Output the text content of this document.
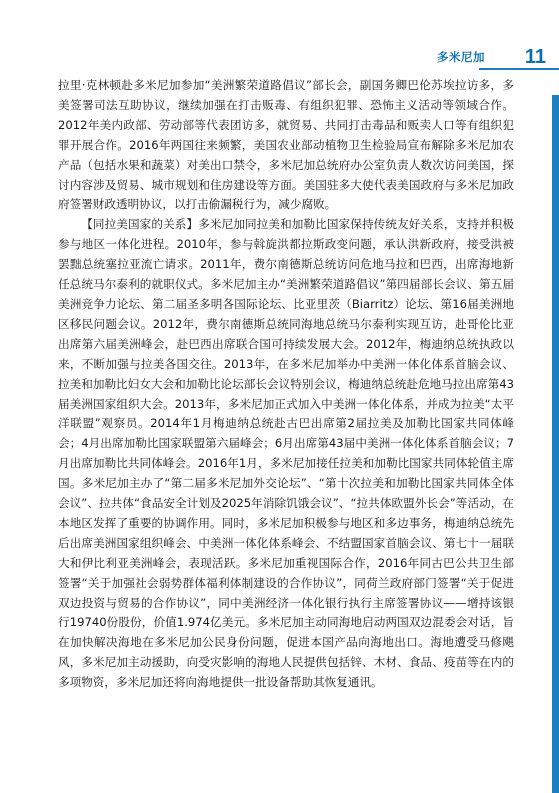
多米尼加 11

拉里·克林顿赴多米尼加参加“美洲繁荣道路倡议”部长会，副国务卿巴伦苏埃拉访多，多美签署司法互助协议，继续加强在打击贩毒、有组织犯罪、恐怖主义活动等领域合作。2012年美内政部、劳动部等代表团访多，就贸易、共同打击毒品和贩卖人口等有组织犯罪开展合作。2016年两国往来频繁，美国农业部动植物卫生检验局宣布解除多米尼加农产品（包括水果和蔬菜）对美出口禁令，多米尼加总统府办公室负责人数次访问美国，探讨内容涉及贸易、城市规划和住房建设等方面。美国驻多大使代表美国政府与多米尼加政府签署财政透明协议，以打击偷漏税行为，减少腐败。

【同拉美国家的关系】多米尼加同拉美和加勒比国家保持传统友好关系，支持并积极参与地区一体化进程。2010年，参与斡旋洪都拉斯政变问题，承认洪新政府，接受洪被罢黜总统塞拉亚流亡请求。2011年，费尔南德斯总统访问危地马拉和巴西，出席海地新任总统马尔泰利的就职仪式。多米尼加主办“美洲繁荣道路倡议”第四届部长会议、第五届美洲竞争力论坛、第二届圣多明各国际论坛、比亚里茨（Biarritz）论坛、第16届美洲地区移民问题会议。2012年，费尔南德斯总统同海地总统马尔泰利实现互访，赴哥伦比亚出席第六届美洲峰会，赴巴西出席联合国可持续发展大会。2012年，梅迪纳总统执政以来，不断加强与拉美各国交往。2013年，在多米尼加举办中美洲一体化体系首脑会议、拉美和加勒比妇女大会和加勒比论坛部长会议特别会议，梅迪纳总统赴危地马拉出席第43届美洲国家组织大会。2013年，多米尼加正式加入中美洲一体化体系，并成为拉美“太平洋联盟”观察员。2014年1月梅迪纳总统赴古巴出席第2届拉美及加勒比国家共同体峰会；4月出席加勒比国家联盟第六届峰会；6月出席第43届中美洲一体化体系首脑会议；7月出席加勒比共同体峰会。2016年1月，多米尼加接任拉美和加勒比国家共同体轮值主席国。多米尼加主办了“第二届多米尼加外交论坛”、“第十次拉美和加勒比国家共同体全体会议”、拉共体“食品安全计划及2025年消除饥饿会议”、“拉共体欧盟外长会”等活动，在本地区发挥了重要的协调作用。同时，多米尼加积极参与地区和多边事务，梅迪纳总统先后出席美洲国家组织峰会、中美洲一体化体系峰会、不结盟国家首脑会议、第七十一届联大和伊比利亚美洲峰会，表现活跃。多米尼加重视国际合作，2016年同古巴公共卫生部签署“关于加强社会弱势群体福利体制建设的合作协议”，同荷兰政府部门签署“关于促进双边投资与贸易的合作协议”，同中美洲经济一体化银行执行主席签署协议——增持该银行19740份股份，价值1.974亿美元。多米尼加主动同海地启动两国双边混委会对话，旨在加快解决海地在多米尼加公民身份问题，促进本国产品向海地出口。海地遭受马修飓风，多米尼加主动援助，向受灾影响的海地人民提供包括锌、木材、食品、疫苗等在内的多项物资，多米尼加还将向海地提供一批设备帮助其恢复通讯。
